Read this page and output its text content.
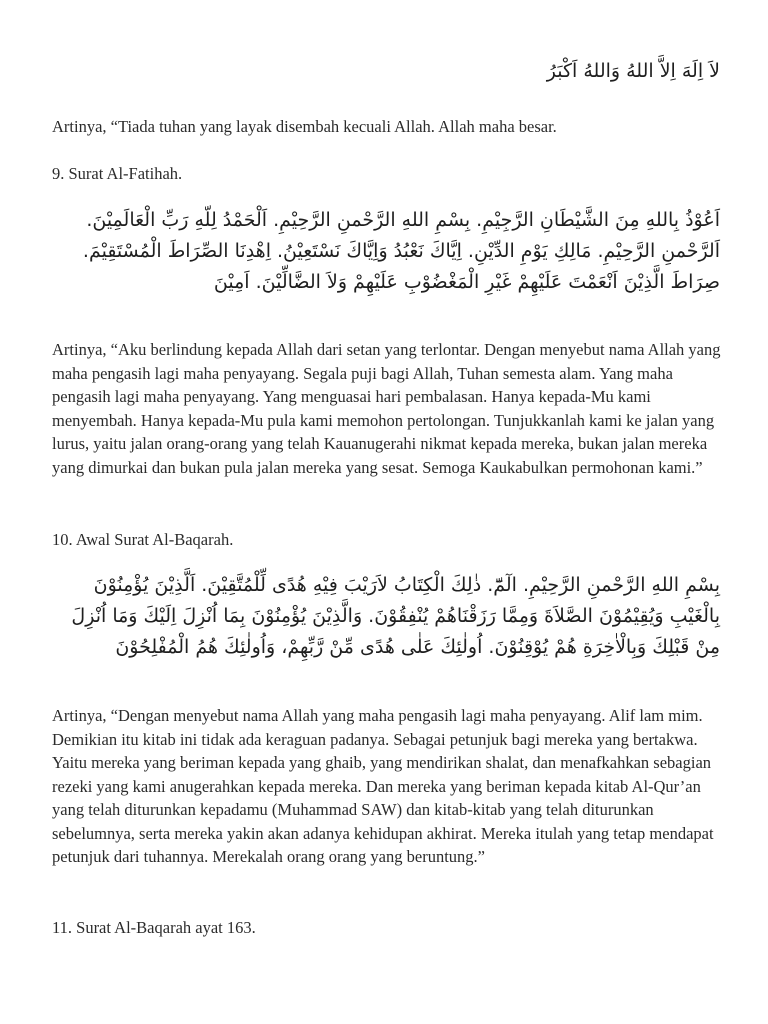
لاَ اِلَهَ اِلاَّ اللهُ وَاللهُ اَكْبَرُ

Artinya, “Tiada tuhan yang layak disembah kecuali Allah. Allah maha besar.

9. Surat Al-Fatihah.

اَعُوْذُ بِاللهِ مِنَ الشَّيْطَانِ الرَّجِيْمِ. بِسْمِ اللهِ الرَّحْمنِ الرَّحِيْمِ. اَلْحَمْدُ لِلّهِ رَبِّ الْعَالَمِيْنَ. اَلرَّحْمنِ الرَّحِيْمِ. مَالِكِ يَوْمِ الدِّيْنِ. اِيَّاكَ نَعْبُدُ وَاِيَّاكَ نَسْتَعِيْنُ. اِهْدِنَا الصِّرَاطَ الْمُسْتَقِيْمَ. صِرَاطَ الَّذِيْنَ اَنْعَمْتَ عَلَيْهِمْ غَيْرِ الْمَغْضُوْبِ عَلَيْهِمْ وَلاَ الضَّالِّيْنَ. اَمِيْنَ

Artinya, “Aku berlindung kepada Allah dari setan yang terlontar. Dengan menyebut nama Allah yang maha pengasih lagi maha penyayang. Segala puji bagi Allah, Tuhan semesta alam. Yang maha pengasih lagi maha penyayang. Yang menguasai hari pembalasan. Hanya kepada-Mu kami menyembah. Hanya kepada-Mu pula kami memohon pertolongan. Tunjukkanlah kami ke jalan yang lurus, yaitu jalan orang-orang yang telah Kauanugerahi nikmat kepada mereka, bukan jalan mereka yang dimurkai dan bukan pula jalan mereka yang sesat. Semoga Kaukabulkan permohonan kami.”

10. Awal Surat Al-Baqarah.

بِسْمِ اللهِ الرَّحْمنِ الرَّحِيْمِ. الٓمّٓ. ذٰلِكَ الْكِتَابُ لاَرَيْبَ فِيْهِ هُدًى لِّلْمُتَّقِيْنَ. اَلَّذِيْنَ يُؤْمِنُوْنَ بِالْغَيْبِ وَيُقِيْمُوْنَ الصَّلاَةَ وَمِمَّا رَزَقْنَاهُمْ يُنْفِقُوْنَ. وَالَّذِيْنَ يُؤْمِنُوْنَ بِمَا اُنْزِلَ اِلَيْكَ وَمَا اُنْزِلَ مِنْ قَبْلِكَ وَبِالْاٰخِرَةِ هُمْ يُوْقِنُوْنَ. اُولٰئِكَ عَلٰى هُدًى مِّنْ رَّبِّهِمْ، وَاُولٰئِكَ هُمُ الْمُفْلِحُوْنَ

Artinya, “Dengan menyebut nama Allah yang maha pengasih lagi maha penyayang. Alif lam mim. Demikian itu kitab ini tidak ada keraguan padanya. Sebagai petunjuk bagi mereka yang bertakwa. Yaitu mereka yang beriman kepada yang ghaib, yang mendirikan shalat, dan menafkahkan sebagian rezeki yang kami anugerahkan kepada mereka. Dan mereka yang beriman kepada kitab Al-Qur’an yang telah diturunkan kepadamu (Muhammad SAW) dan kitab-kitab yang telah diturunkan sebelumnya, serta mereka yakin akan adanya kehidupan akhirat. Mereka itulah yang tetap mendapat petunjuk dari tuhannya. Merekalah orang orang yang beruntung.”

11. Surat Al-Baqarah ayat 163.
